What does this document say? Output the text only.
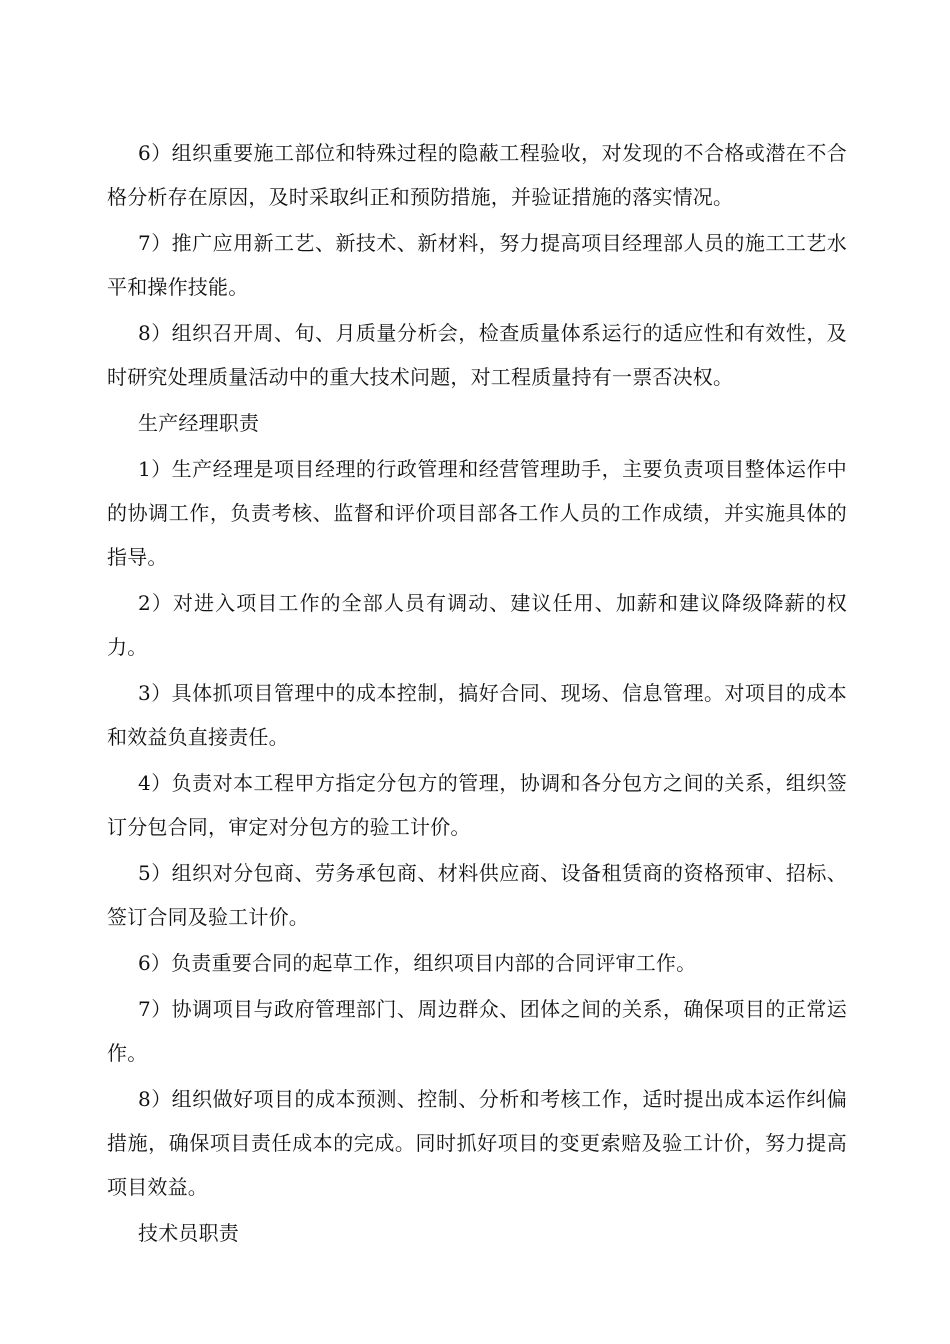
6）组织重要施工部位和特殊过程的隐蔽工程验收，对发现的不合格或潜在不合格分析存在原因，及时采取纠正和预防措施，并验证措施的落实情况。

7）推广应用新工艺、新技术、新材料，努力提高项目经理部人员的施工工艺水平和操作技能。

8）组织召开周、旬、月质量分析会，检查质量体系运行的适应性和有效性，及时研究处理质量活动中的重大技术问题，对工程质量持有一票否决权。

生产经理职责

1）生产经理是项目经理的行政管理和经营管理助手，主要负责项目整体运作中的协调工作，负责考核、监督和评价项目部各工作人员的工作成绩，并实施具体的指导。

2）对进入项目工作的全部人员有调动、建议任用、加薪和建议降级降薪的权力。

3）具体抓项目管理中的成本控制，搞好合同、现场、信息管理。对项目的成本和效益负直接责任。

4）负责对本工程甲方指定分包方的管理，协调和各分包方之间的关系，组织签订分包合同，审定对分包方的验工计价。

5）组织对分包商、劳务承包商、材料供应商、设备租赁商的资格预审、招标、签订合同及验工计价。

6）负责重要合同的起草工作，组织项目内部的合同评审工作。

7）协调项目与政府管理部门、周边群众、团体之间的关系，确保项目的正常运作。

8）组织做好项目的成本预测、控制、分析和考核工作，适时提出成本运作纠偏措施，确保项目责任成本的完成。同时抓好项目的变更索赔及验工计价，努力提高项目效益。

技术员职责
